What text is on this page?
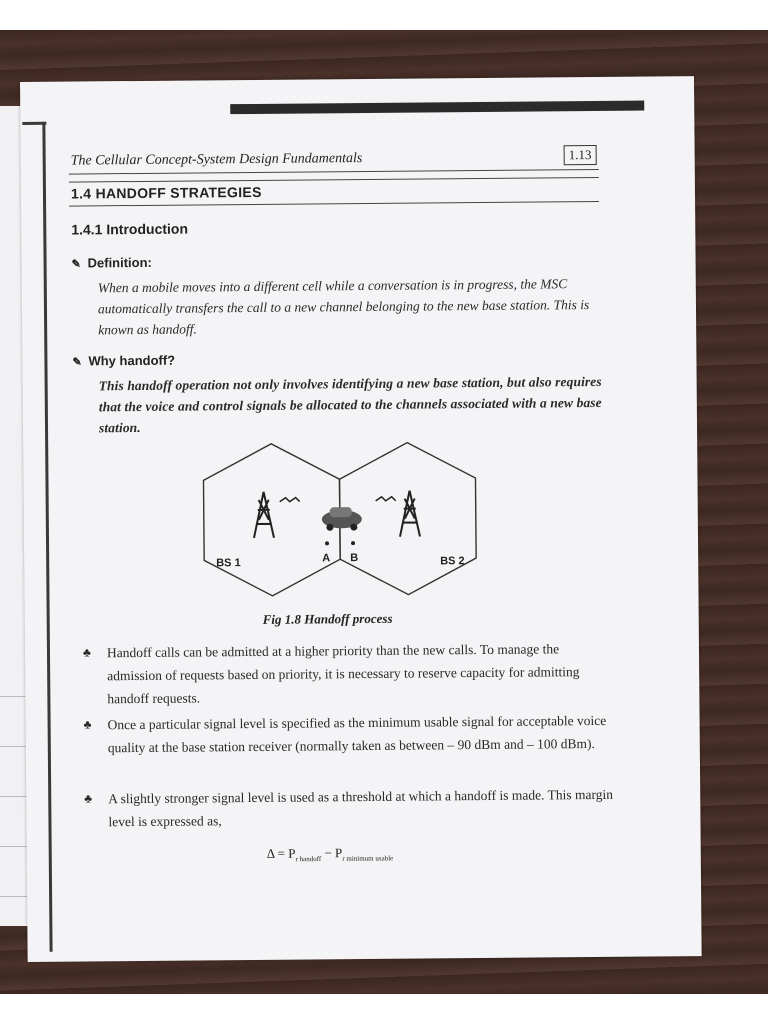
The Cellular Concept-System Design Fundamentals	1.13
1.4 HANDOFF STRATEGIES
1.4.1 Introduction
✎ Definition:
When a mobile moves into a different cell while a conversation is in progress, the MSC automatically transfers the call to a new channel belonging to the new base station. This is known as handoff.
✎ Why handoff?
This handoff operation not only involves identifying a new base station, but also requires that the voice and control signals be allocated to the channels associated with a new base station.
A B
BS 1	BS 2
Fig 1.8 Handoff process
♣ Handoff calls can be admitted at a higher priority than the new calls. To manage the admission of requests based on priority, it is necessary to reserve capacity for admitting handoff requests.
♣ Once a particular signal level is specified as the minimum usable signal for acceptable voice quality at the base station receiver (normally taken as between – 90 dBm and – 100 dBm).
♣ A slightly stronger signal level is used as a threshold at which a handoff is made. This margin level is expressed as,
$\Delta = P_{r handoff} - P_{r minimum usable}$
